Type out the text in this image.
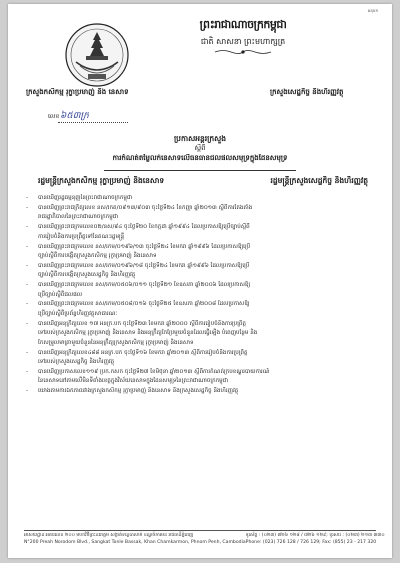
អនុបក
ព្រះរាជាណាចក្រកម្ពុជា
ជាតិ សាសនា ព្រះមហាក្សត្រ
ក្រសួងកសិកម្ម រុក្ខាប្រមាញ់ និង នេសាទ	ក្រសួងសេដ្ឋកិច្ច និងហិរញ្ញវត្ថុ
លេខ ៦៥៣ក្រ
ប្រកាសអន្តរក្រសួង
ស្តីពី
ការកំណត់តម្លៃលក់នេសាទលើធនធានជលផលសមុទ្រក្នុងដែនសមុទ្រ
រដ្ឋមន្ត្រីក្រសួងកសិកម្ម រុក្ខាប្រមាញ់ និងនេសាទ	រដ្ឋមន្ត្រីក្រសួងសេដ្ឋកិច្ច និងហិរញ្ញវត្ថុ
- បានឃើញរដ្ឋធម្មនុញ្ញនៃព្រះរាជាណាចក្រកម្ពុជា
- បានឃើញព្រះរាជក្រឹត្យលេខ នស/រកត/០៩១៣/៩០៣ ចុះថ្ងៃទី២៤ ខែកញ្ញា ឆ្នាំ២០១៣ ស្តីពីការតែងតាំង
រាជរដ្ឋាភិបាលនៃព្រះរាជាណាចក្រកម្ពុជា
- បានឃើញព្រះរាជក្រមលេខ០២/នស/៩៤ ចុះថ្ងៃទី២០ ខែកក្កដា ឆ្នាំ១៩៩៤ ដែលប្រកាសឱ្យប្រើច្បាប់ស្តីពី
ការរៀបចំនិងការប្រព្រឹត្តទៅនៃគណៈរដ្ឋមន្ត្រី
- បានឃើញព្រះរាជក្រមលេខ នស/រកម/០១៩៦/១៣ ចុះថ្ងៃទី២៤ ខែមករា ឆ្នាំ១៩៩៦ ដែលប្រកាសឱ្យប្រើ
ច្បាប់ស្តីពីការបង្កើតក្រសួងកសិកម្ម រុក្ខាប្រមាញ់ និងនេសាទ
- បានឃើញព្រះរាជក្រមលេខ នស/រកម/០១៩៦/១៨ ចុះថ្ងៃទី២៤ ខែមករា ឆ្នាំ១៩៩៦ ដែលប្រកាសឱ្យប្រើ
ច្បាប់ស្តីពីការបង្កើតក្រសួងសេដ្ឋកិច្ច និងហិរញ្ញវត្ថុ
- បានឃើញព្រះរាជក្រមលេខ នស/រកម/០៥០៦/០១១ ចុះថ្ងៃទី២១ ខែឧសភា ឆ្នាំ២០០៦ ដែលប្រកាសឱ្យ
ប្រើច្បាប់ស្តីពីជលផល
- បានឃើញព្រះរាជក្រមលេខ នស/រកម/០៥០៨/០១៦ ចុះថ្ងៃទី២៥ ខែឧសភា ឆ្នាំ២០០៨ ដែលប្រកាសឱ្យ
ប្រើច្បាប់ស្តីពីប្រព័ន្ធហិរញ្ញវត្ថុសាធារណៈ
- បានឃើញអនុក្រឹត្យលេខ ១៧ អនក្រ.បក ចុះថ្ងៃទី២៣ ខែមករា ឆ្នាំ២០០០ ស្តីពីការរៀបចំនិងការប្រព្រឹត្ត
ទៅរបស់ក្រសួងកសិកម្ម រុក្ខាប្រមាញ់ និងនេសាទ និងអនុក្រឹត្យកែប្រែមួយចំនួនដែលធ្វើឡើង បំពេញបន្ថែម និង
កែសម្រួលមាត្រាមួយចំនួននៃអនុក្រឹត្យក្រសួងកសិកម្ម រុក្ខាប្រមាញ់ និងនេសាទ
- បានឃើញអនុក្រឹត្យលេខ៤៨៨ អនក្រ.បក ចុះថ្ងៃទី១៦ ខែមករា ឆ្នាំ២០១៣ ស្តីពីការរៀបចំនិងការប្រព្រឹត្ត
ទៅរបស់ក្រសួងសេដ្ឋកិច្ច និងហិរញ្ញវត្ថុ
- បានឃើញប្រកាសលេខ១១៩ ប្រក.កសក ចុះថ្ងៃទី២៧ ខែមិថុនា ឆ្នាំ២០១៣ ស្តីពីការកំណត់ក្របខណ្ឌរបាយការណ៍
នៃនេសាទនៅតាមលើមិនទីតាំងខេត្តក្នុងវិស័យនេសាទក្នុងដែនសមុទ្រនៃព្រះរាជាណាចក្រកម្ពុជា
- យោងតាមការឯកភាពរវាងក្រសួងកសិកម្ម រុក្ខាប្រមាញ់ និងនេសាទ និងក្រសួងសេដ្ឋកិច្ច និងហិរញ្ញវត្ថុ
អាសយដ្ឋាន:អគារលេខ ២០០ មហាវិថីព្រះនរោត្តម សង្កាត់ទន្លេបាសាក់ ខណ្ឌចំការមន រាជធានីភ្នំពេញ
N°200 Preah Norodom Blvd., Sangkat Tonle Bassak, Khan Chamkarmon, Phnom Penh, Cambodia
ទូរស័ព្ទ : (០២៣) ៧២៦ ១២៨ / ៧២៦ ១២៩; ទូរសារ : (០២៣) ២១៣ ៣៣០
Phone: (023) 726 128 / 726 129; Fax: (855) 23 - 217 320
